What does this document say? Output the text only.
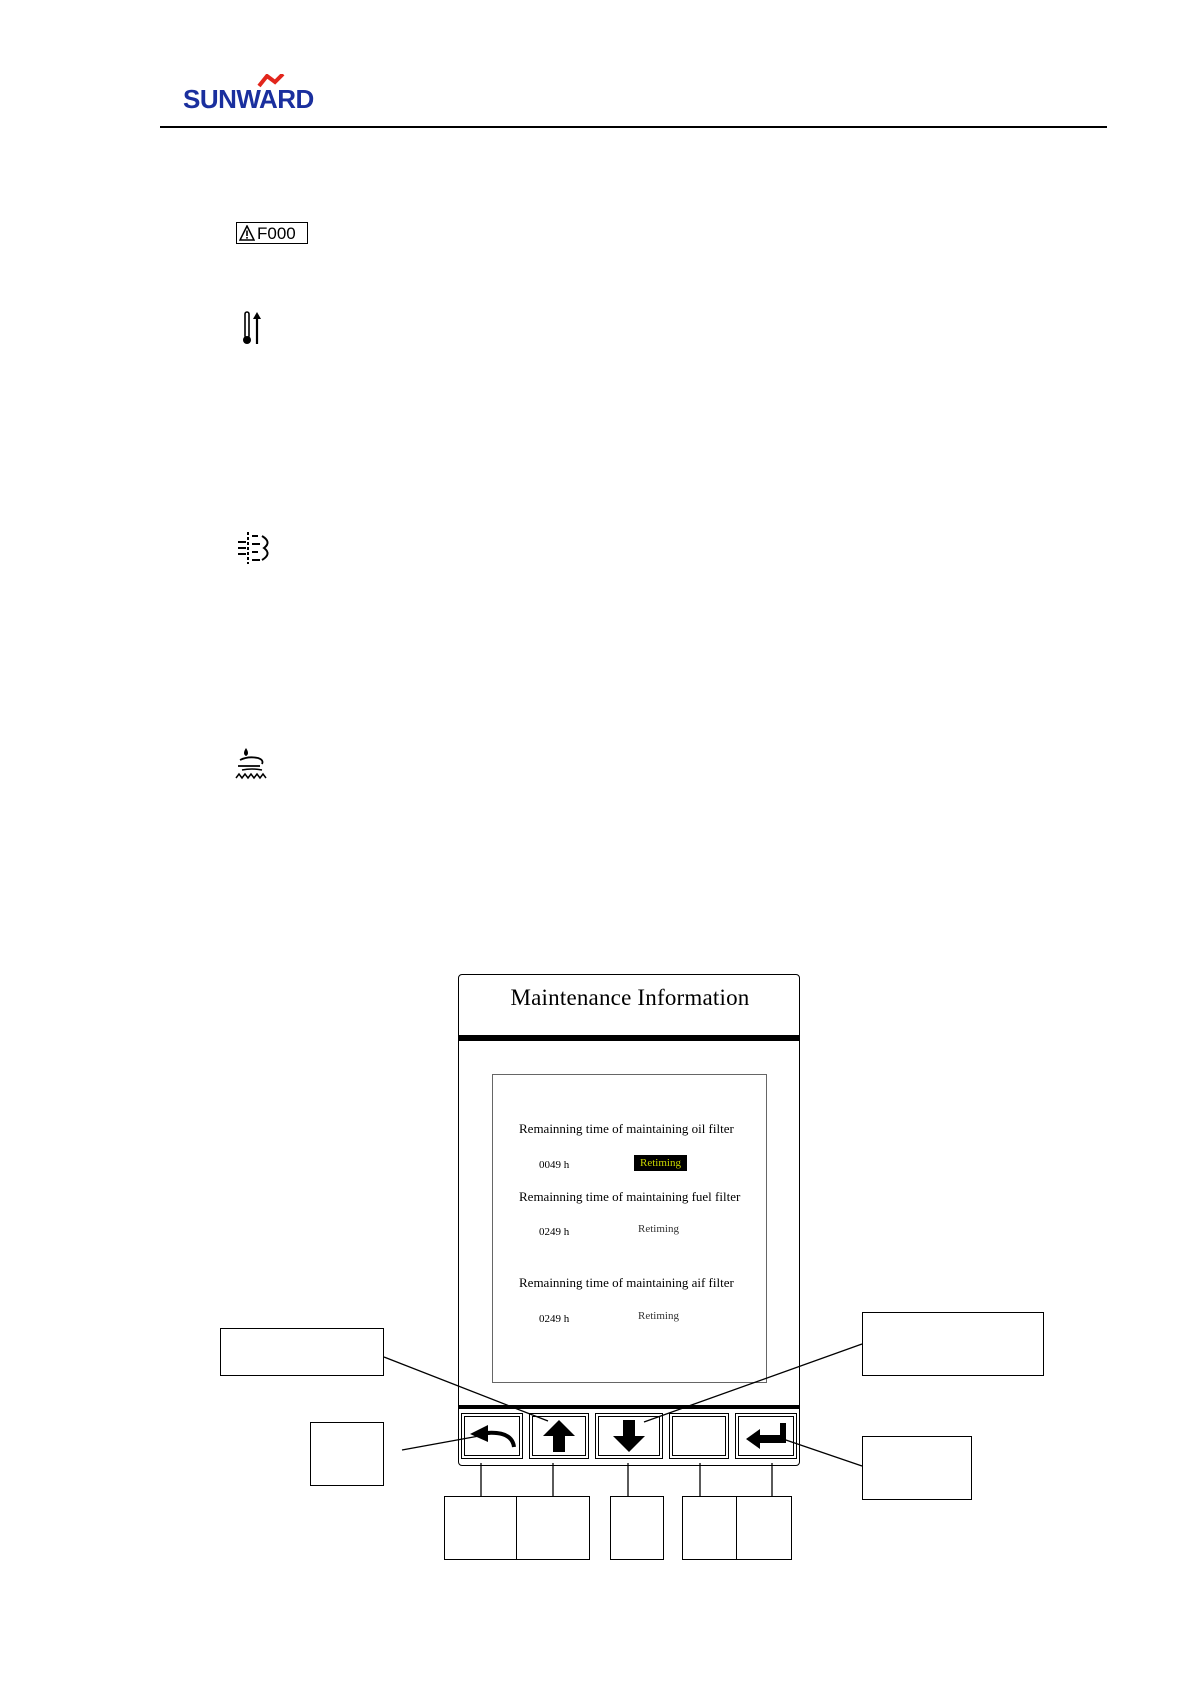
SUNWARD
F000
Maintenance Information
Remainning time of maintaining oil filter
0049 h	Retiming
Remainning time of maintaining fuel filter
0249 h	Retiming
Remainning time of maintaining aif filter
0249 h	Retiming
